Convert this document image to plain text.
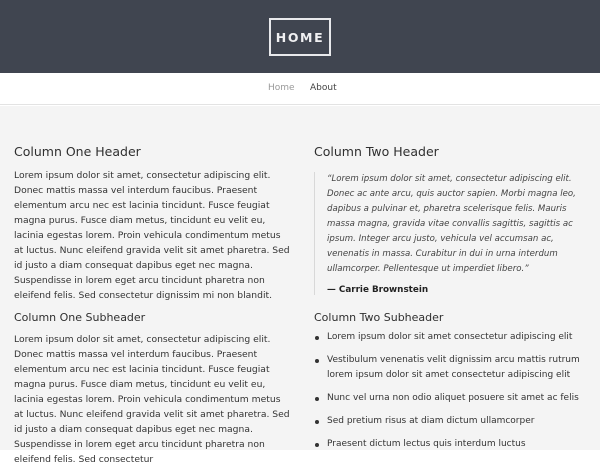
HOME
Home About
Column One Header

Lorem ipsum dolor sit amet, consectetur adipiscing elit. Donec mattis massa vel interdum faucibus. Praesent elementum arcu nec est lacinia tincidunt. Fusce feugiat magna purus. Fusce diam metus, tincidunt eu velit eu, lacinia egestas lorem. Proin vehicula condimentum metus at luctus. Nunc eleifend gravida velit sit amet pharetra. Sed id justo a diam consequat dapibus eget nec magna. Suspendisse in lorem eget arcu tincidunt pharetra non eleifend felis. Sed consectetur dignissim mi non blandit.

Column One Subheader

Lorem ipsum dolor sit amet, consectetur adipiscing elit. Donec mattis massa vel interdum faucibus. Praesent elementum arcu nec est lacinia tincidunt. Fusce feugiat magna purus. Fusce diam metus, tincidunt eu velit eu, lacinia egestas lorem. Proin vehicula condimentum metus at luctus. Nunc eleifend gravida velit sit amet pharetra. Sed id justo a diam consequat dapibus eget nec magna. Suspendisse in lorem eget arcu tincidunt pharetra non eleifend felis. Sed consectetur

Column Two Header

“Lorem ipsum dolor sit amet, consectetur adipiscing elit. Donec ac ante arcu, quis auctor sapien. Morbi magna leo, dapibus a pulvinar et, pharetra scelerisque felis. Mauris massa magna, gravida vitae convallis sagittis, sagittis ac ipsum. Integer arcu justo, vehicula vel accumsan ac, venenatis in massa. Curabitur in dui in urna interdum ullamcorper. Pellentesque ut imperdiet libero.”

— Carrie Brownstein

Column Two Subheader
Lorem ipsum dolor sit amet consectetur adipiscing elit
Vestibulum venenatis velit dignissim arcu mattis rutrum lorem ipsum dolor sit amet consectetur adipiscing elit
Nunc vel urna non odio aliquet posuere sit amet ac felis
Sed pretium risus at diam dictum ullamcorper
Praesent dictum lectus quis interdum luctus
